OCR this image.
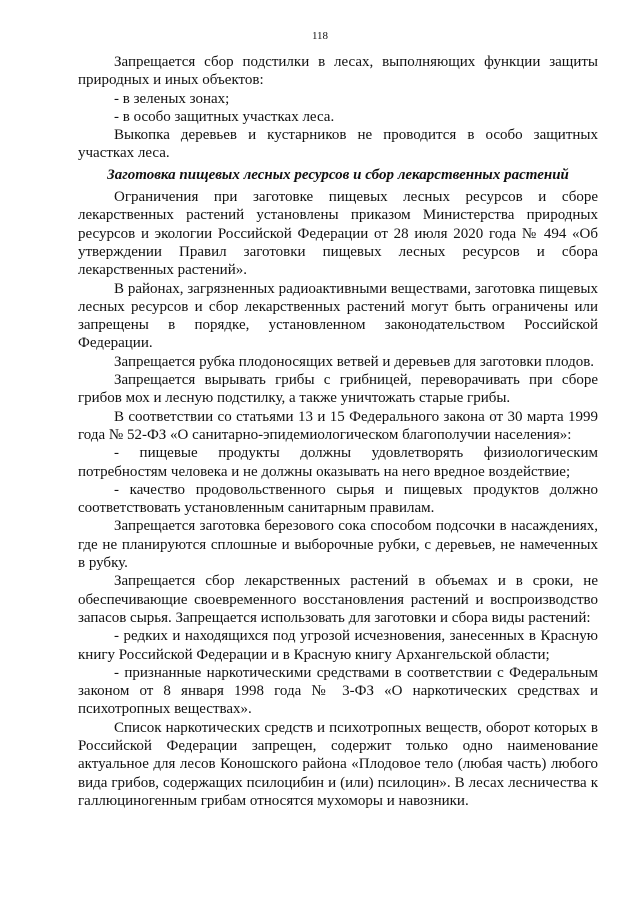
118

Запрещается сбор подстилки в лесах, выполняющих функции защиты природных и иных объектов:

- в зеленых зонах;

- в особо защитных участках леса.

Выкопка деревьев и кустарников не проводится в особо защитных участках леса.

Заготовка пищевых лесных ресурсов и сбор лекарственных растений

Ограничения при заготовке пищевых лесных ресурсов и сборе лекарственных растений установлены приказом Министерства природных ресурсов и экологии Российской Федерации от 28 июля 2020 года № 494 «Об утверждении Правил заготовки пищевых лесных ресурсов и сбора лекарственных растений».

В районах, загрязненных радиоактивными веществами, заготовка пищевых лесных ресурсов и сбор лекарственных растений могут быть ограничены или запрещены в порядке, установленном законодательством Российской Федерации.

Запрещается рубка плодоносящих ветвей и деревьев для заготовки плодов.

Запрещается вырывать грибы с грибницей, переворачивать при сборе грибов мох и лесную подстилку, а также уничтожать старые грибы.

В соответствии со статьями 13 и 15 Федерального закона от 30 марта 1999 года № 52-ФЗ «О санитарно-эпидемиологическом благополучии населения»:

- пищевые продукты должны удовлетворять физиологическим потребностям человека и не должны оказывать на него вредное воздействие;

- качество продовольственного сырья и пищевых продуктов должно соответствовать установленным санитарным правилам.

Запрещается заготовка березового сока способом подсочки в насаждениях, где не планируются сплошные и выборочные рубки, с деревьев, не намеченных в рубку.

Запрещается сбор лекарственных растений в объемах и в сроки, не обеспечивающие своевременного восстановления растений и воспроизводство запасов сырья. Запрещается использовать для заготовки и сбора виды растений:

- редких и находящихся под угрозой исчезновения, занесенных в Красную книгу Российской Федерации и в Красную книгу Архангельской области;

- признанные наркотическими средствами в соответствии с Федеральным законом от 8 января 1998 года № 3-ФЗ «О наркотических средствах и психотропных веществах».

Список наркотических средств и психотропных веществ, оборот которых в Российской Федерации запрещен, содержит только одно наименование актуальное для лесов Коношского района «Плодовое тело (любая часть) любого вида грибов, содержащих псилоцибин и (или) псилоцин». В лесах лесничества к галлюциногенным грибам относятся мухоморы и навозники.
